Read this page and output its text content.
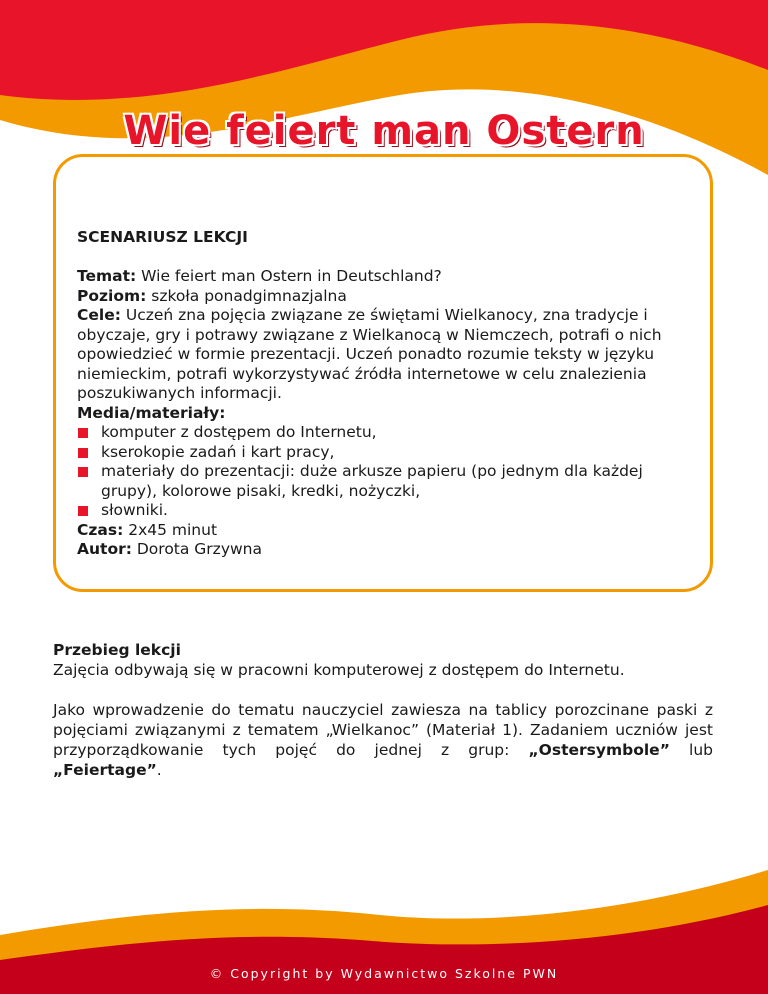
Wie feiert man Ostern

SCENARIUSZ LEKCJI

Temat: Wie feiert man Ostern in Deutschland?

Poziom: szkoła ponadgimnazjalna

Cele: Uczeń zna pojęcia związane ze świętami Wielkanocy, zna tradycje i obyczaje, gry i potrawy związane z Wielkanocą w Niemczech, potrafi o nich opowiedzieć w formie prezentacji. Uczeń ponadto rozumie teksty w języku niemieckim, potrafi wykorzystywać źródła internetowe w celu znalezienia poszukiwanych informacji.

Media/materiały:

komputer z dostępem do Internetu,
kserokopie zadań i kart pracy,
materiały do prezentacji: duże arkusze papieru (po jednym dla każdej grupy), kolorowe pisaki, kredki, nożyczki,
słowniki.

Czas: 2x45 minut

Autor: Dorota Grzywna

Przebieg lekcji

Zajęcia odbywają się w pracowni komputerowej z dostępem do Internetu.

Jako wprowadzenie do tematu nauczyciel zawiesza na tablicy porozcinane paski z pojęciami związanymi z tematem „Wielkanoc” (Materiał 1). Zadaniem uczniów jest przyporządkowanie tych pojęć do jednej z grup: „Ostersymbole” lub „Feiertage”.

© Copyright by Wydawnictwo Szkolne PWN
